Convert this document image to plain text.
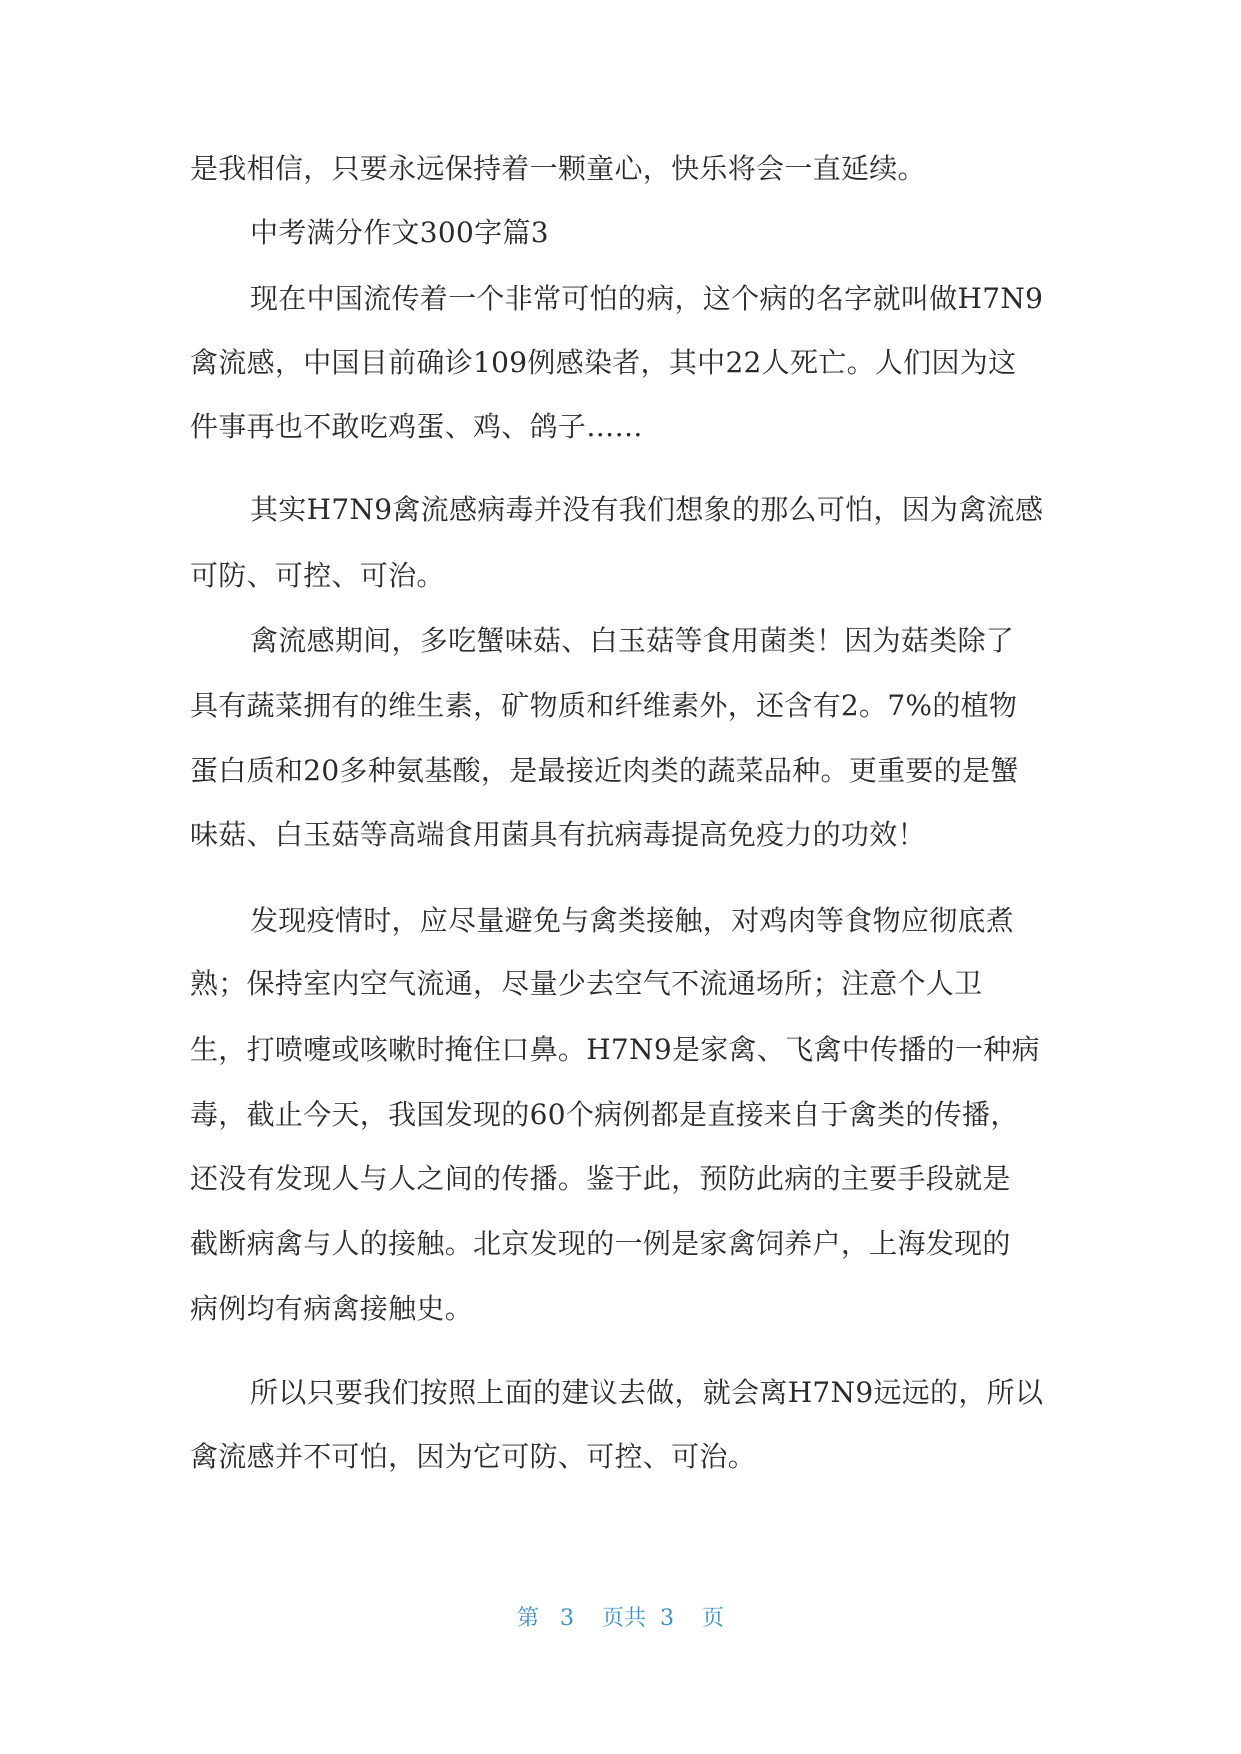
是我相信，只要永远保持着一颗童心，快乐将会一直延续。
中考满分作文300字篇3
现在中国流传着一个非常可怕的病，这个病的名字就叫做H7N9
禽流感，中国目前确诊109例感染者，其中22人死亡。人们因为这
件事再也不敢吃鸡蛋、鸡、鸽子……
其实H7N9禽流感病毒并没有我们想象的那么可怕，因为禽流感
可防、可控、可治。
禽流感期间，多吃蟹味菇、白玉菇等食用菌类！因为菇类除了
具有蔬菜拥有的维生素，矿物质和纤维素外，还含有2。7%的植物
蛋白质和20多种氨基酸，是最接近肉类的蔬菜品种。更重要的是蟹
味菇、白玉菇等高端食用菌具有抗病毒提高免疫力的功效！
发现疫情时，应尽量避免与禽类接触，对鸡肉等食物应彻底煮
熟；保持室内空气流通，尽量少去空气不流通场所；注意个人卫
生，打喷嚏或咳嗽时掩住口鼻。H7N9是家禽、飞禽中传播的一种病
毒，截止今天，我国发现的60个病例都是直接来自于禽类的传播，
还没有发现人与人之间的传播。鉴于此，预防此病的主要手段就是
截断病禽与人的接触。北京发现的一例是家禽饲养户，上海发现的
病例均有病禽接触史。
所以只要我们按照上面的建议去做，就会离H7N9远远的，所以
禽流感并不可怕，因为它可防、可控、可治。
第 3 页共 3 页
